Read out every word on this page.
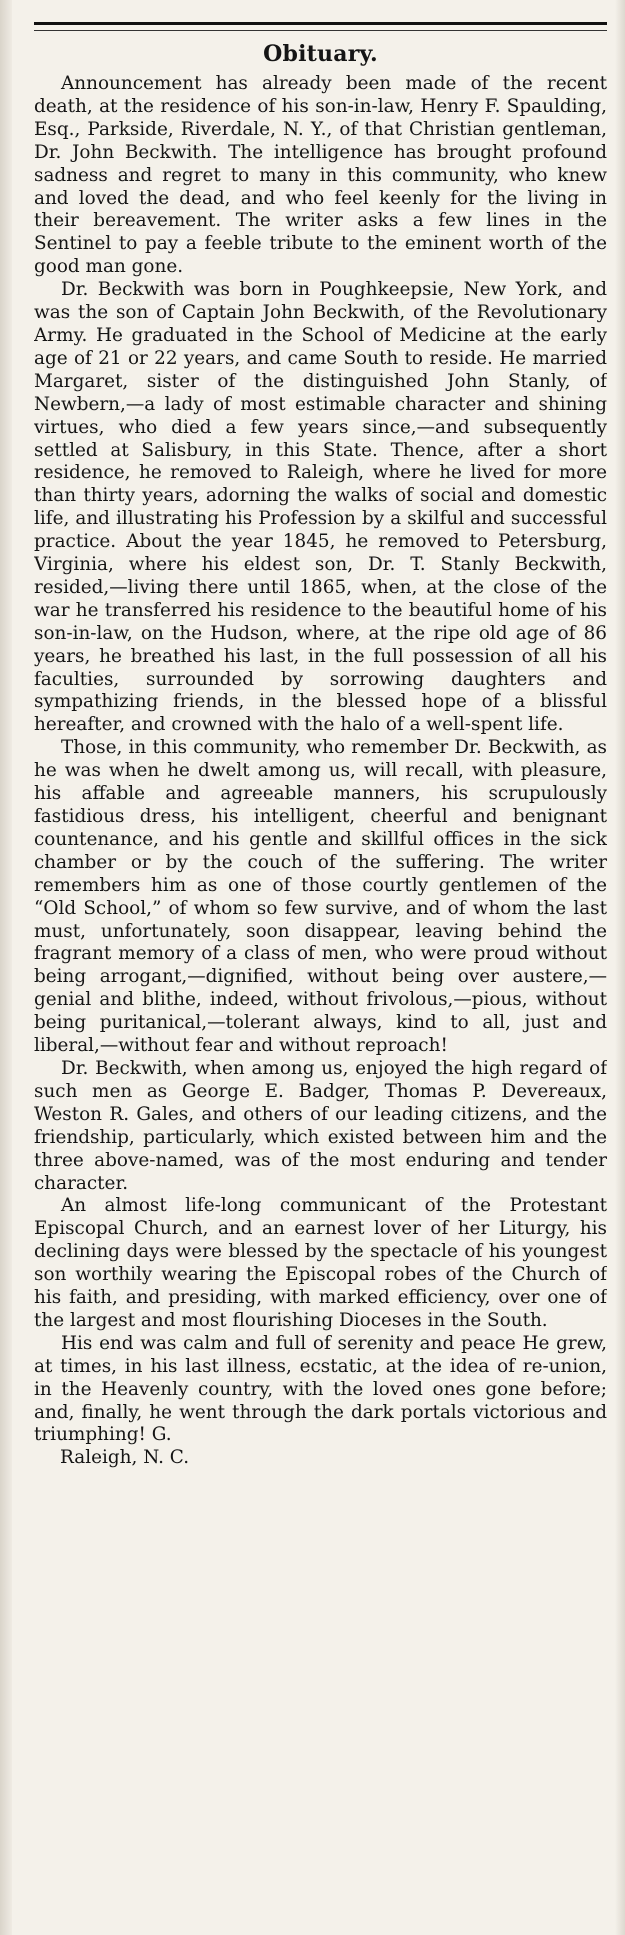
Obituary.

Announcement has already been made of the recent death, at the residence of his son-in-law, Henry F. Spaulding, Esq., Parkside, Riverdale, N. Y., of that Christian gentleman, Dr. John Beckwith. The intelligence has brought profound sadness and regret to many in this community, who knew and loved the dead, and who feel keenly for the living in their bereavement. The writer asks a few lines in the Sentinel to pay a feeble tribute to the eminent worth of the good man gone.

Dr. Beckwith was born in Poughkeepsie, New York, and was the son of Captain John Beckwith, of the Revolutionary Army. He graduated in the School of Medicine at the early age of 21 or 22 years, and came South to reside. He married Margaret, sister of the distinguished John Stanly, of Newbern,—a lady of most estimable character and shining virtues, who died a few years since,—and subsequently settled at Salisbury, in this State. Thence, after a short residence, he removed to Raleigh, where he lived for more than thirty years, adorning the walks of social and domestic life, and illustrating his Profession by a skilful and successful practice. About the year 1845, he removed to Petersburg, Virginia, where his eldest son, Dr. T. Stanly Beckwith, resided,—living there until 1865, when, at the close of the war he transferred his residence to the beautiful home of his son-in-law, on the Hudson, where, at the ripe old age of 86 years, he breathed his last, in the full possession of all his faculties, surrounded by sorrowing daughters and sympathizing friends, in the blessed hope of a blissful hereafter, and crowned with the halo of a well-spent life.

Those, in this community, who remember Dr. Beckwith, as he was when he dwelt among us, will recall, with pleasure, his affable and agreeable manners, his scrupulously fastidious dress, his intelligent, cheerful and benignant countenance, and his gentle and skillful offices in the sick chamber or by the couch of the suffering. The writer remembers him as one of those courtly gentlemen of the “Old School,” of whom so few survive, and of whom the last must, unfortunately, soon disappear, leaving behind the fragrant memory of a class of men, who were proud without being arrogant,—dignified, without being over austere,—genial and blithe, indeed, without frivolous,—pious, without being puritanical,—tolerant always, kind to all, just and liberal,—without fear and without reproach!

Dr. Beckwith, when among us, enjoyed the high regard of such men as George E. Badger, Thomas P. Devereaux, Weston R. Gales, and others of our leading citizens, and the friendship, particularly, which existed between him and the three above-named, was of the most enduring and tender character.

An almost life-long communicant of the Protestant Episcopal Church, and an earnest lover of her Liturgy, his declining days were blessed by the spectacle of his youngest son worthily wearing the Episcopal robes of the Church of his faith, and presiding, with marked efficiency, over one of the largest and most flourishing Dioceses in the South.

His end was calm and full of serenity and peace He grew, at times, in his last illness, ecstatic, at the idea of re-union, in the Heavenly country, with the loved ones gone before; and, finally, he went through the dark portals victorious and triumphing! G.

Raleigh, N. C.
